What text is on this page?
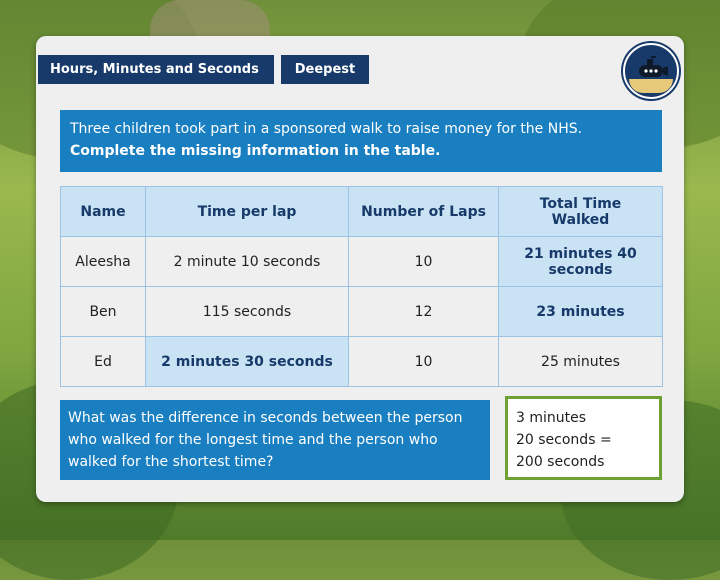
Hours, Minutes and Seconds	Deepest
Three children took part in a sponsored walk to raise money for the NHS.
Complete the missing information in the table.
Name	Time per lap	Number of Laps	Total Time Walked
Aleesha	2 minute 10 seconds	10	21 minutes 40 seconds
Ben	115 seconds	12	23 minutes
Ed	2 minutes 30 seconds	10	25 minutes
What was the difference in seconds between the person who walked for the longest time and the person who walked for the shortest time?
3 minutes
20 seconds =
200 seconds
